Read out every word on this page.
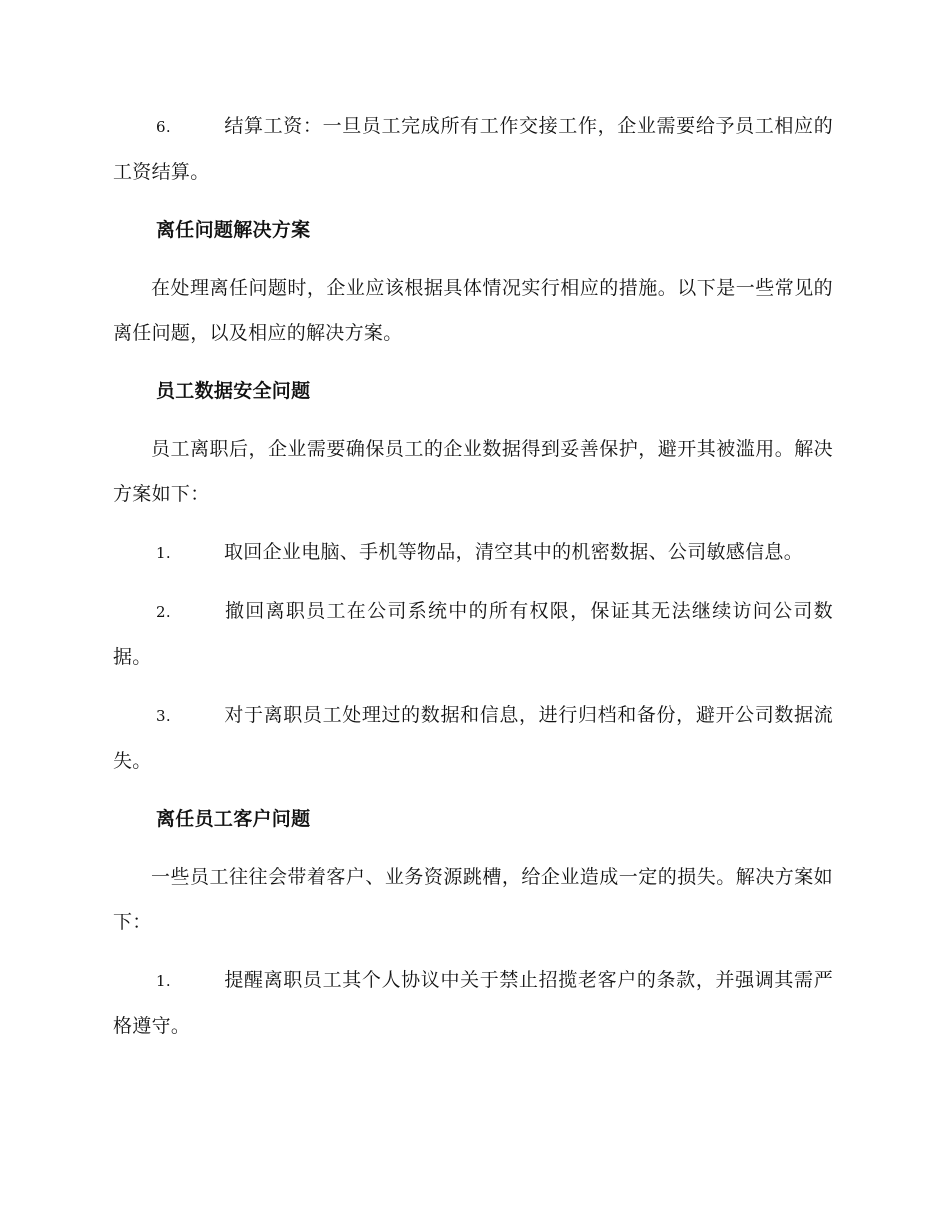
6.	结算工资：一旦员工完成所有工作交接工作，企业需要给予员工相应的工资结算。

离任问题解决方案

在处理离任问题时，企业应该根据具体情况实行相应的措施。以下是一些常见的离任问题，以及相应的解决方案。

员工数据安全问题

员工离职后，企业需要确保员工的企业数据得到妥善保护，避开其被滥用。解决方案如下：

1.	取回企业电脑、手机等物品，清空其中的机密数据、公司敏感信息。

2.	撤回离职员工在公司系统中的所有权限，保证其无法继续访问公司数据。

3.	对于离职员工处理过的数据和信息，进行归档和备份，避开公司数据流失。

离任员工客户问题

一些员工往往会带着客户、业务资源跳槽，给企业造成一定的损失。解决方案如下：

1.	提醒离职员工其个人协议中关于禁止招揽老客户的条款，并强调其需严格遵守。
